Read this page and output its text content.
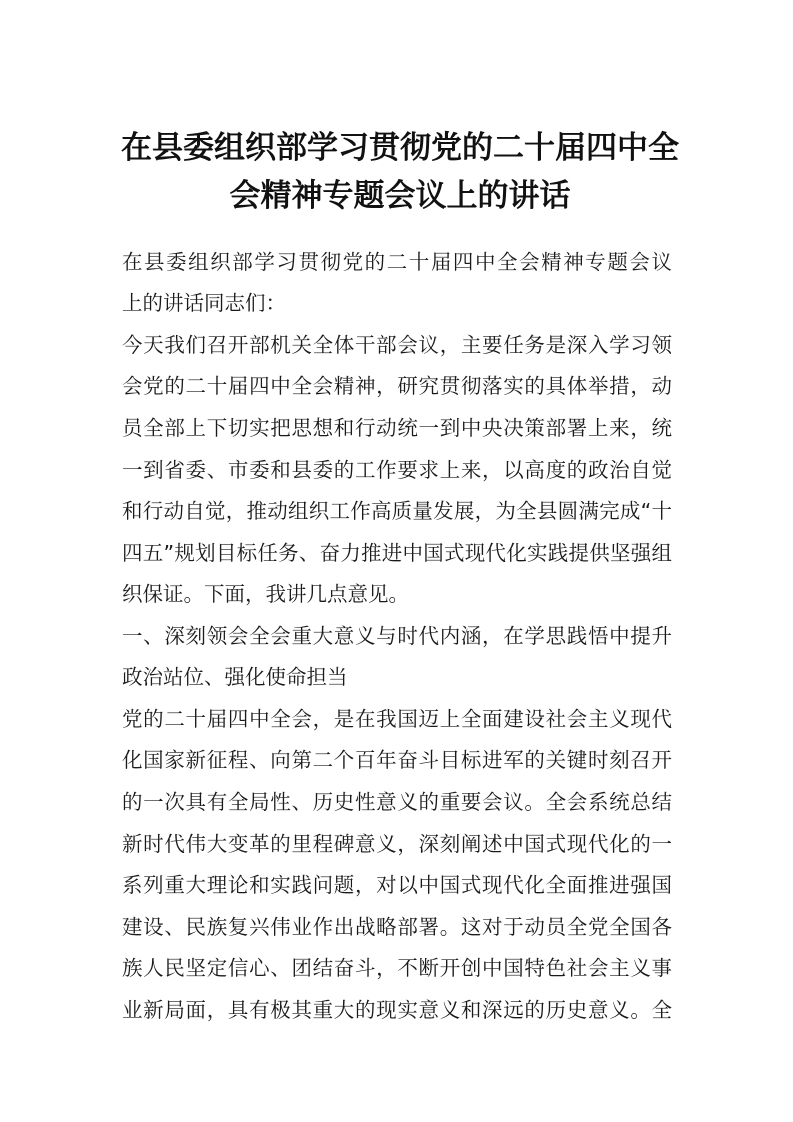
在县委组织部学习贯彻党的二十届四中全
会精神专题会议上的讲话

在县委组织部学习贯彻党的二十届四中全会精神专题会议

上的讲话同志们：

今天我们召开部机关全体干部会议，主要任务是深入学习领

会党的二十届四中全会精神，研究贯彻落实的具体举措，动

员全部上下切实把思想和行动统一到中央决策部署上来，统

一到省委、市委和县委的工作要求上来，以高度的政治自觉

和行动自觉，推动组织工作高质量发展，为全县圆满完成“十

四五”规划目标任务、奋力推进中国式现代化实践提供坚强组

织保证。下面，我讲几点意见。

一、深刻领会全会重大意义与时代内涵，在学思践悟中提升

政治站位、强化使命担当

党的二十届四中全会，是在我国迈上全面建设社会主义现代

化国家新征程、向第二个百年奋斗目标进军的关键时刻召开

的一次具有全局性、历史性意义的重要会议。全会系统总结

新时代伟大变革的里程碑意义，深刻阐述中国式现代化的一

系列重大理论和实践问题，对以中国式现代化全面推进强国

建设、民族复兴伟业作出战略部署。这对于动员全党全国各

族人民坚定信心、团结奋斗，不断开创中国特色社会主义事

业新局面，具有极其重大的现实意义和深远的历史意义。全
